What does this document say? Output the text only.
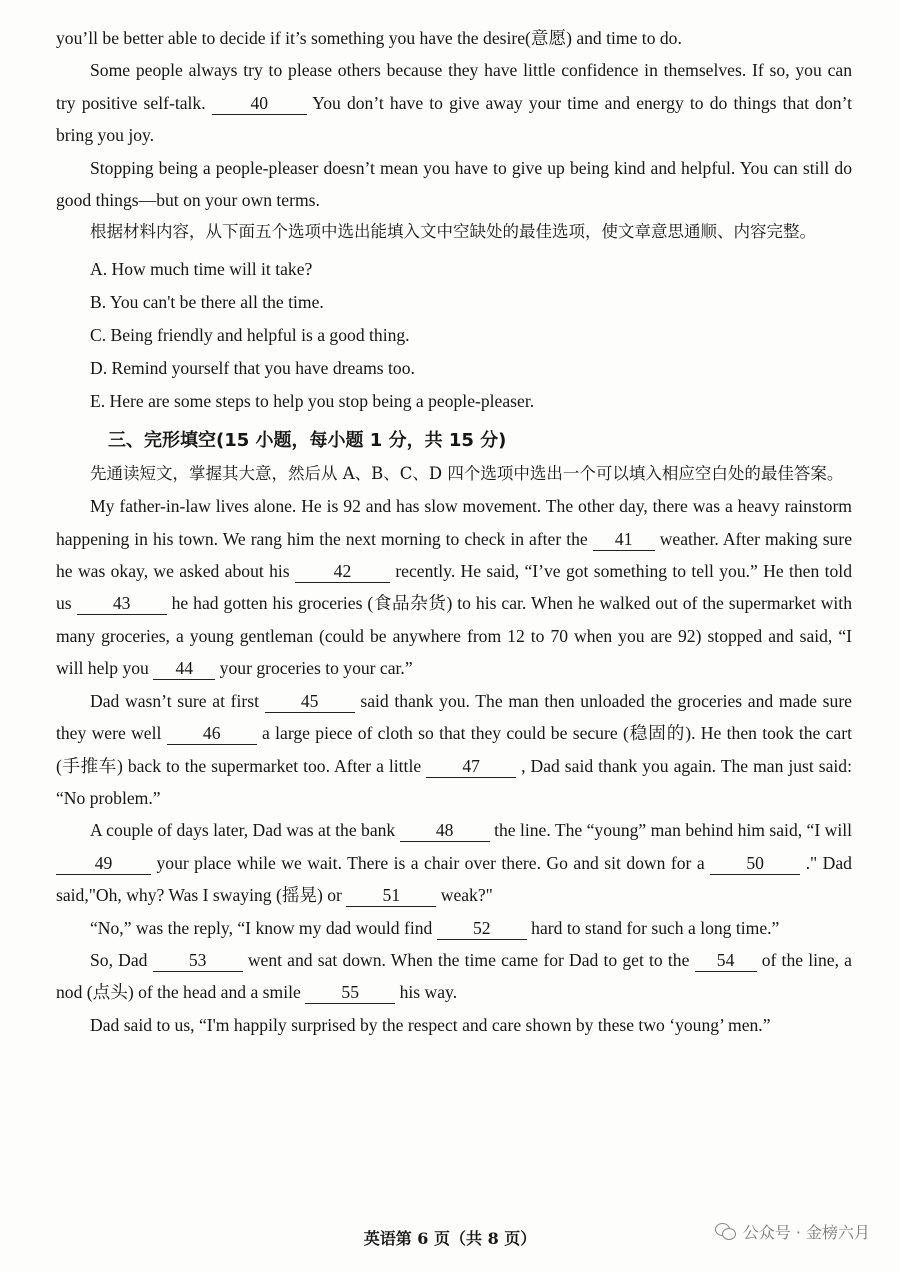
you’ll be better able to decide if it’s something you have the desire(意愿) and time to do.

Some people always try to please others because they have little confidence in themselves. If so, you can try positive self-talk.	40	You don’t have to give away your time and energy to do things that don’t bring you joy.

Stopping being a people-pleaser doesn’t mean you have to give up being kind and helpful. You can still do good things—but on your own terms.

根据材料内容，从下面五个选项中选出能填入文中空缺处的最佳选项，使文章意思通顺、内容完整。

A. How much time will it take?
B. You can't be there all the time.
C. Being friendly and helpful is a good thing.
D. Remind yourself that you have dreams too.
E. Here are some steps to help you stop being a people-pleaser.
三、完形填空(15 小题，每小题 1 分，共 15 分)

先通读短文，掌握其大意，然后从 A、B、C、D 四个选项中选出一个可以填入相应空白处的最佳答案。

My father-in-law lives alone. He is 92 and has slow movement. The other day, there was a heavy rainstorm happening in his town. We rang him the next morning to check in after the 41 weather. After making sure he was okay, we asked about his	42	recently. He said, “I’ve got something to tell you.” He then told us 43 he had gotten his groceries (食品杂货) to his car. When he walked out of the supermarket with many groceries, a young gentleman (could be anywhere from 12 to 70 when you are 92) stopped and said, “I will help you 44 your groceries to your car.”

Dad wasn’t sure at first 45 said thank you. The man then unloaded the groceries and made sure they were well 46 a large piece of cloth so that they could be secure (稳固的). He then took the cart (手推车) back to the supermarket too. After a little 47 , Dad said thank you again. The man just said: “No problem.”

A couple of days later, Dad was at the bank 48 the line. The “young” man behind him said, “I will 49	your place while we wait. There is a chair over there. Go and sit down for a 50 ." Dad said,"Oh, why? Was I swaying (摇晃) or 51 weak?"

“No,” was the reply, “I know my dad would find 52 hard to stand for such a long time.”

So, Dad 53 went and sat down. When the time came for Dad to get to the 54 of the line, a nod (点头) of the head and a smile 55 his way.

Dad said to us, “I'm happily surprised by the respect and care shown by these two ‘young’ men.”

英语第 6 页（共 8 页）	公众号 · 金榜六月
